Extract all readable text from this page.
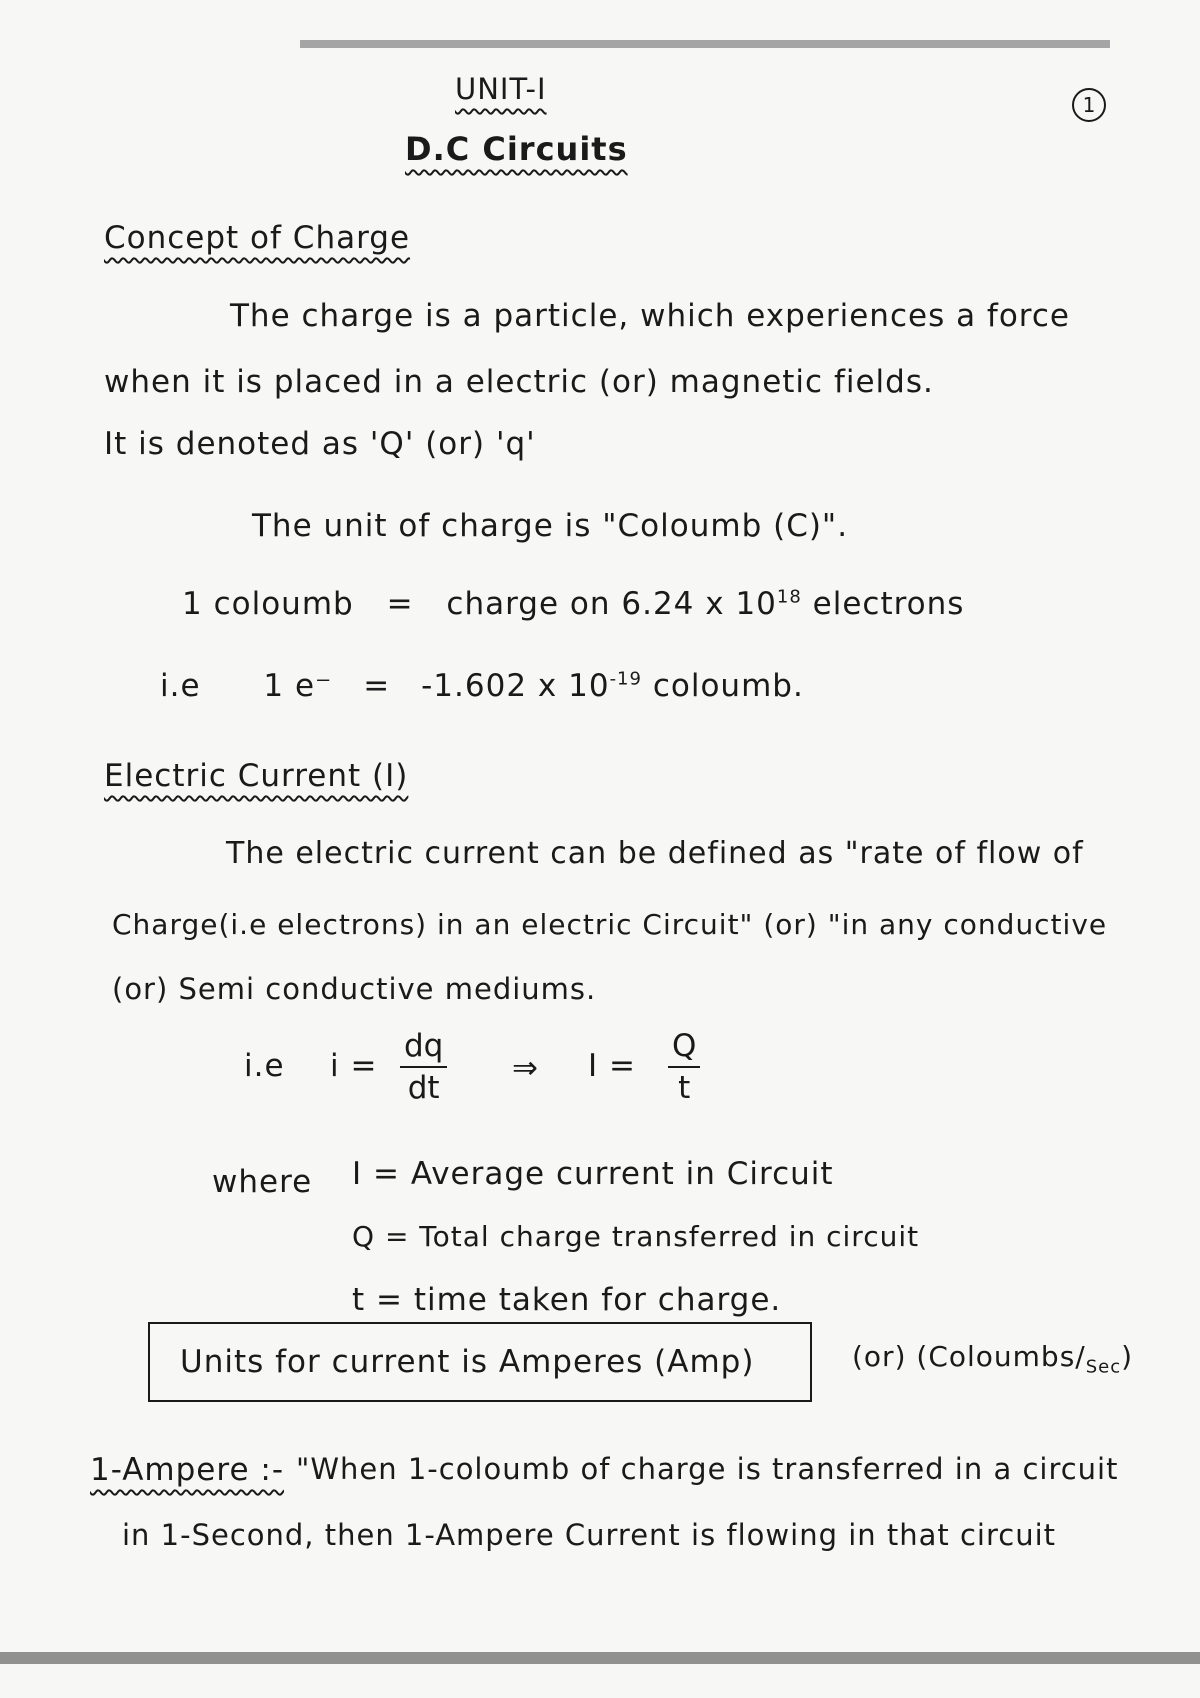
UNIT-I
D.C Circuits
1
Concept of Charge
The charge is a particle, which experiences a force
when it is placed in a electric (or) magnetic fields.
It is denoted as 'Q' (or) 'q'
The unit of charge is "Coloumb (C)".
1 coloumb = charge on 6.24 x $10^{18}$ electrons
i.e 1 e⁻ = -1.602 x $10^{-19}$ coloumb.
Electric Current (I)
The electric current can be defined as "rate of flow of
Charge(i.e electrons) in an electric Circuit" (or) "in any conductive
(or) Semi conductive mediums.
i.e $i = \frac{dq}{dt}$ ⇒ $I = \frac{Q}{t}$
where I = Average current in Circuit
Q = Total charge transferred in circuit
t = time taken for charge.
Units for current is Amperes (Amp)	(or) $(Coloumbs/_{Sec})$
1-Ampere :- "When 1-coloumb of charge is transferred in a circuit
in 1-Second, then 1-Ampere Current is flowing in that circuit
